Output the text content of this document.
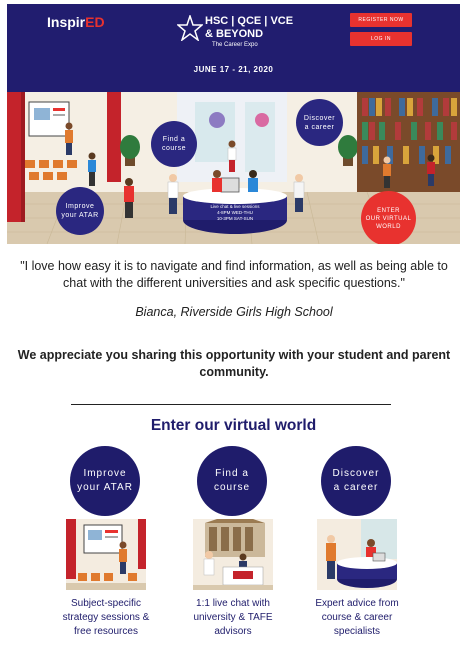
InspirED	HSC | QCE | VCE
& BEYOND
The Career Expo
REGISTER NOW
LOG IN
JUNE 17 - 21, 2020
Live chat & live sessions
4-8PM WED-THU
10-3PM SAT-SUN
Find a
course
Discover
a career
Improve
your ATAR
ENTER
OUR VIRTUAL
WORLD
"I love how easy it is to navigate and find information, as well as being able to chat with the different universities and ask specific questions."
Bianca, Riverside Girls High School
We appreciate you sharing this opportunity with your student and parent community.
Enter our virtual world
Improve
your ATAR
Subject-specific
strategy sessions &
free resources
Find a
course
1:1 live chat with
university & TAFE
advisors
Discover
a career
Expert advice from
course & career
specialists
